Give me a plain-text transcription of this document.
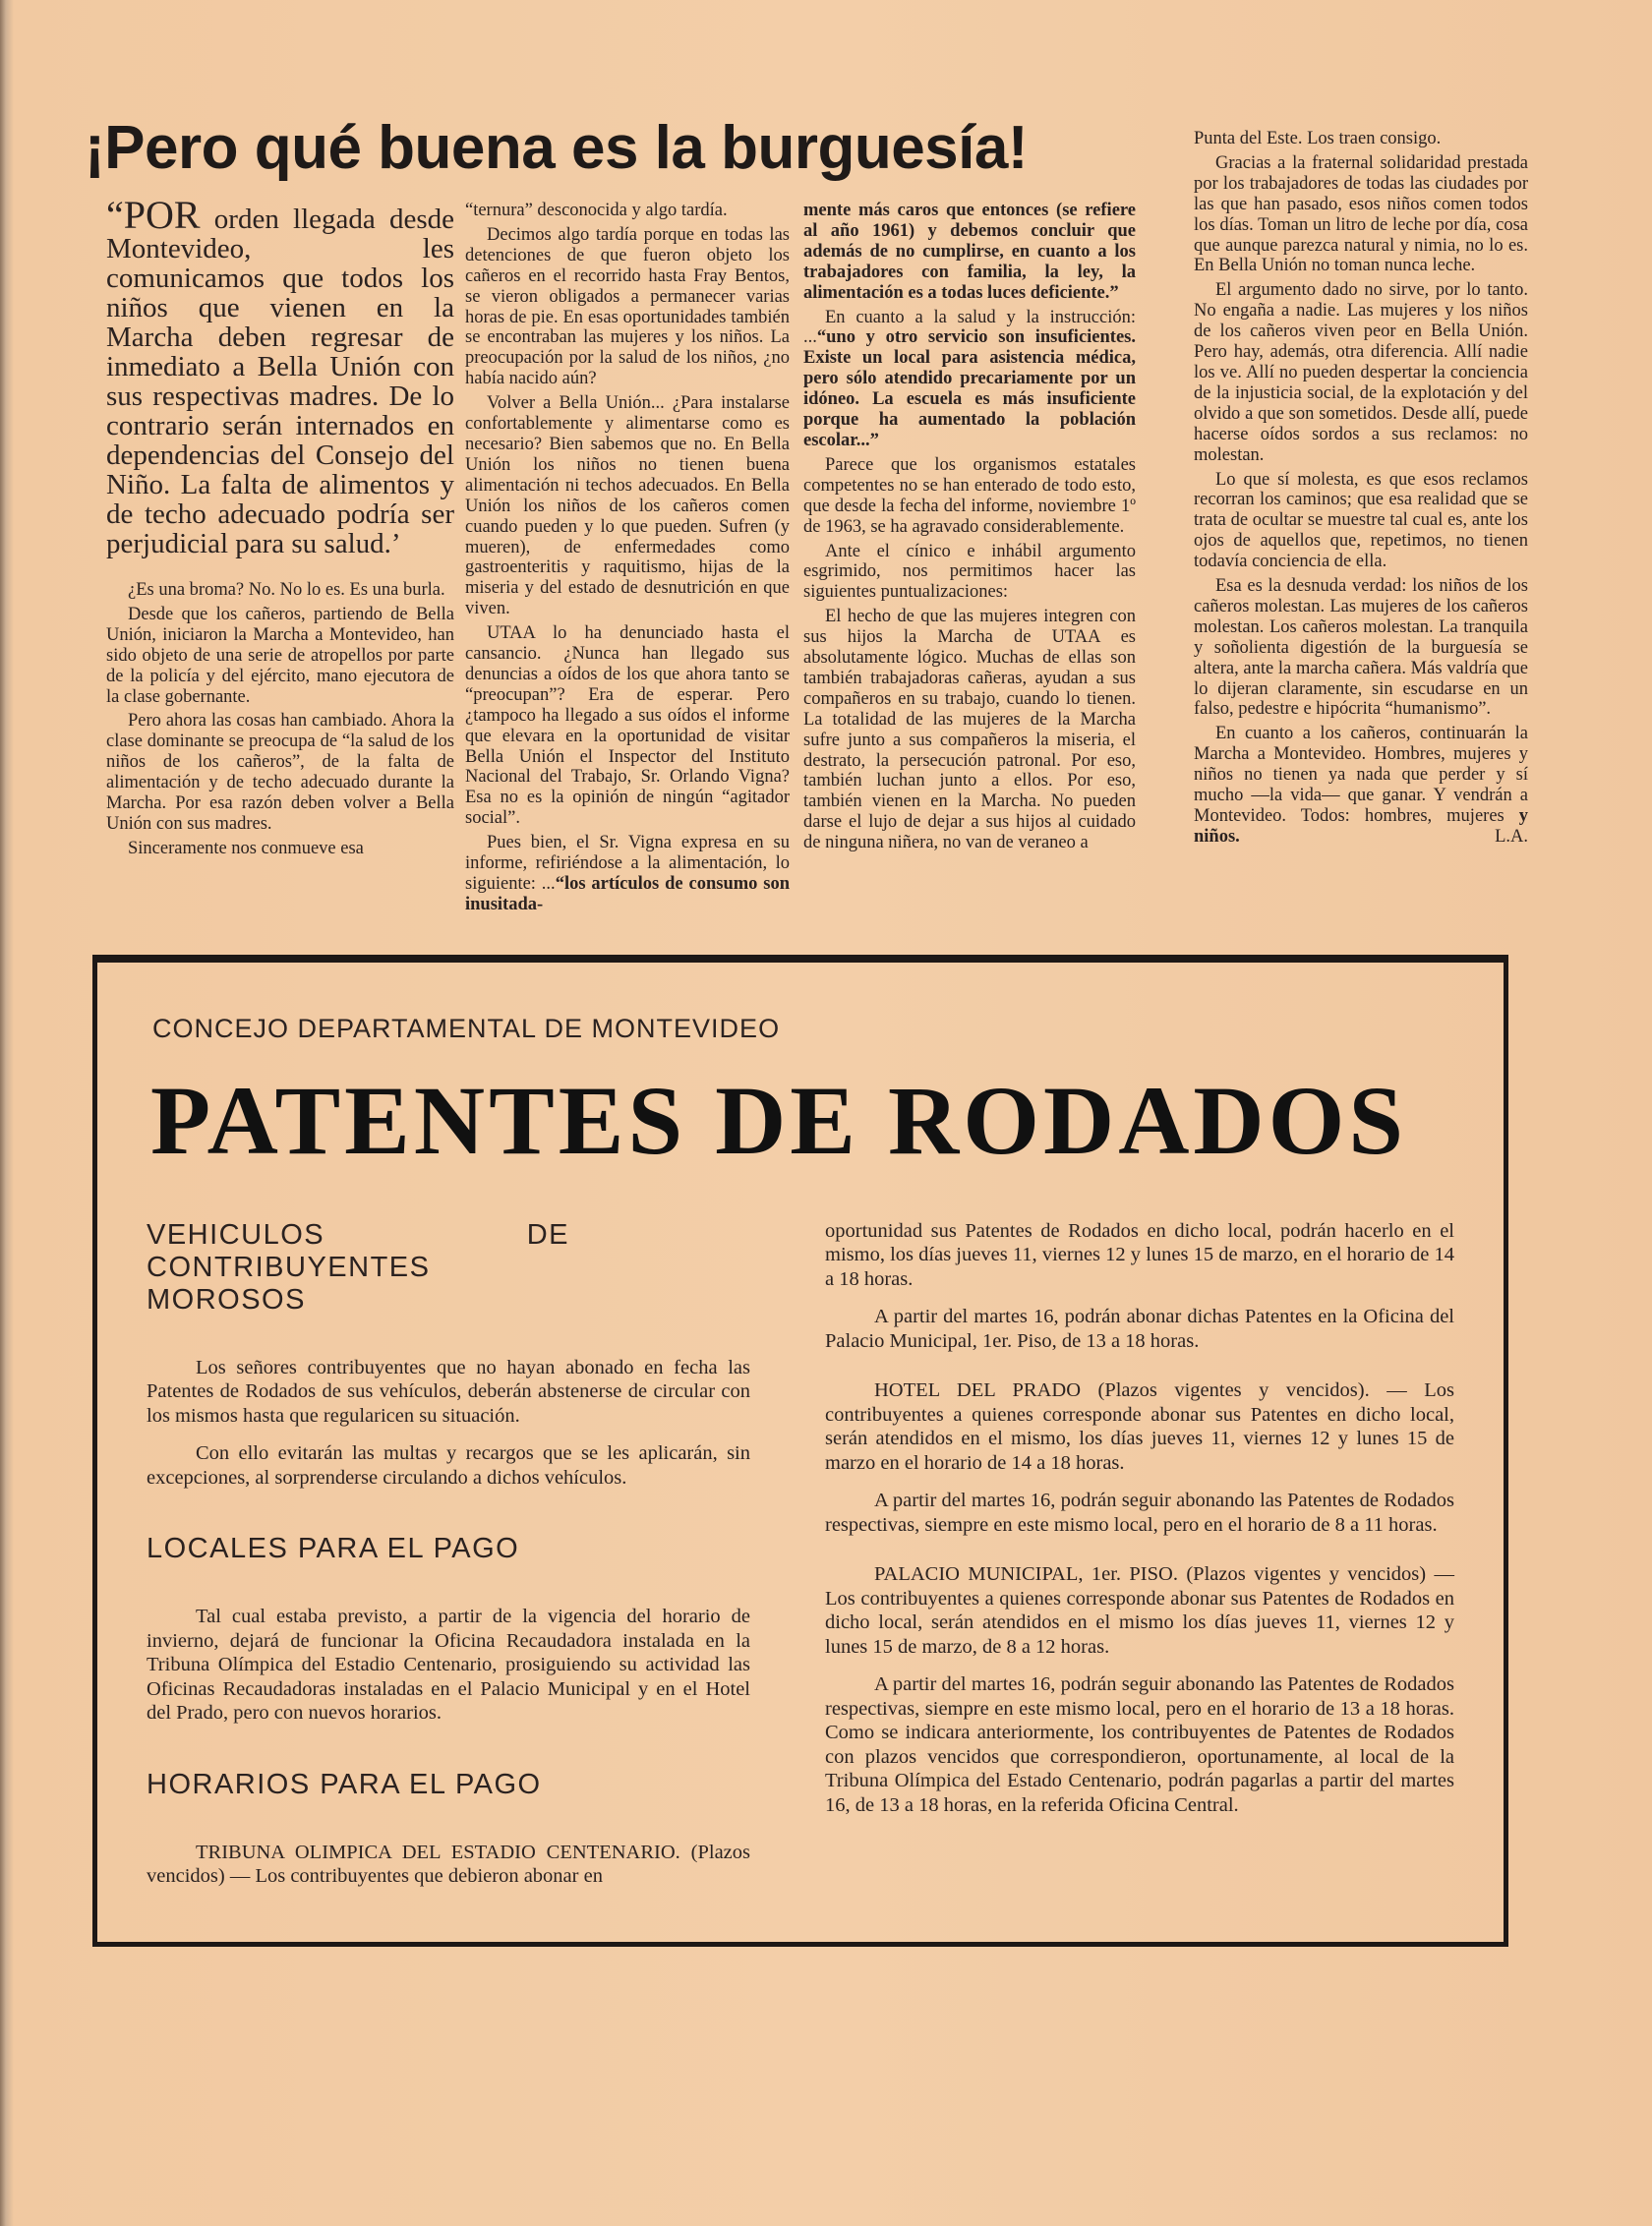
¡Pero qué buena es la burguesía!
“POR orden llegada desde Montevideo, les comunicamos que todos los niños que vienen en la Marcha deben regresar de inmediato a Bella Unión con sus respectivas madres. De lo contrario serán internados en dependencias del Consejo del Niño. La falta de alimentos y de techo adecuado podría ser perjudicial para su salud.’

¿Es una broma? No. No lo es. Es una burla.

Desde que los cañeros, partiendo de Bella Unión, iniciaron la Marcha a Montevideo, han sido objeto de una serie de atropellos por parte de la policía y del ejército, mano ejecutora de la clase gobernante.

Pero ahora las cosas han cambiado. Ahora la clase dominante se preocupa de “la salud de los niños de los cañeros”, de la falta de alimentación y de techo adecuado durante la Marcha. Por esa razón deben volver a Bella Unión con sus madres.

Sinceramente nos conmueve esa

“ternura” desconocida y algo tardía.

Decimos algo tardía porque en todas las detenciones de que fueron objeto los cañeros en el recorrido hasta Fray Bentos, se vieron obligados a permanecer varias horas de pie. En esas oportunidades también se encontraban las mujeres y los niños. La preocupación por la salud de los niños, ¿no había nacido aún?

Volver a Bella Unión... ¿Para instalarse confortablemente y alimentarse como es necesario? Bien sabemos que no. En Bella Unión los niños no tienen buena alimentación ni techos adecuados. En Bella Unión los niños de los cañeros comen cuando pueden y lo que pueden. Sufren (y mueren), de enfermedades como gastroenteritis y raquitismo, hijas de la miseria y del estado de desnutrición en que viven.

UTAA lo ha denunciado hasta el cansancio. ¿Nunca han llegado sus denuncias a oídos de los que ahora tanto se “preocupan”? Era de esperar. Pero ¿tampoco ha llegado a sus oídos el informe que elevara en la oportunidad de visitar Bella Unión el Inspector del Instituto Nacional del Trabajo, Sr. Orlando Vigna? Esa no es la opinión de ningún “agitador social”.

Pues bien, el Sr. Vigna expresa en su informe, refiriéndose a la alimentación, lo siguiente: ...“los artículos de consumo son inusitada-

mente más caros que entonces (se refiere al año 1961) y debemos concluir que además de no cumplirse, en cuanto a los trabajadores con familia, la ley, la alimentación es a todas luces deficiente.”

En cuanto a la salud y la instrucción: ...“uno y otro servicio son insuficientes. Existe un local para asistencia médica, pero sólo atendido precariamente por un idóneo. La escuela es más insuficiente porque ha aumentado la población escolar...”

Parece que los organismos estatales competentes no se han enterado de todo esto, que desde la fecha del informe, noviembre 1º de 1963, se ha agravado considerablemente.

Ante el cínico e inhábil argumento esgrimido, nos permitimos hacer las siguientes puntualizaciones:

El hecho de que las mujeres integren con sus hijos la Marcha de UTAA es absolutamente lógico. Muchas de ellas son también trabajadoras cañeras, ayudan a sus compañeros en su trabajo, cuando lo tienen. La totalidad de las mujeres de la Marcha sufre junto a sus compañeros la miseria, el destrato, la persecución patronal. Por eso, también luchan junto a ellos. Por eso, también vienen en la Marcha. No pueden darse el lujo de dejar a sus hijos al cuidado de ninguna niñera, no van de veraneo a

Punta del Este. Los traen consigo.

Gracias a la fraternal solidaridad prestada por los trabajadores de todas las ciudades por las que han pasado, esos niños comen todos los días. Toman un litro de leche por día, cosa que aunque parezca natural y nimia, no lo es. En Bella Unión no toman nunca leche.

El argumento dado no sirve, por lo tanto. No engaña a nadie. Las mujeres y los niños de los cañeros viven peor en Bella Unión. Pero hay, además, otra diferencia. Allí nadie los ve. Allí no pueden despertar la conciencia de la injusticia social, de la explotación y del olvido a que son sometidos. Desde allí, puede hacerse oídos sordos a sus reclamos: no molestan.

Lo que sí molesta, es que esos reclamos recorran los caminos; que esa realidad que se trata de ocultar se muestre tal cual es, ante los ojos de aquellos que, repetimos, no tienen todavía conciencia de ella.

Esa es la desnuda verdad: los niños de los cañeros molestan. Las mujeres de los cañeros molestan. Los cañeros molestan. La tranquila y soñolienta digestión de la burguesía se altera, ante la marcha cañera. Más valdría que lo dijeran claramente, sin escudarse en un falso, pedestre e hipócrita “humanismo”.

En cuanto a los cañeros, continuarán la Marcha a Montevideo. Hombres, mujeres y niños no tienen ya nada que perder y sí mucho —la vida— que ganar. Y vendrán a Montevideo. Todos: hombres, mujeres y niños.	L.A.

CONCEJO DEPARTAMENTAL DE MONTEVIDEO
PATENTES DE RODADOS
VEHICULOS DE CONTRIBUYENTES MOROSOS

Los señores contribuyentes que no hayan abonado en fecha las Patentes de Rodados de sus vehículos, deberán abstenerse de circular con los mismos hasta que regularicen su situación.

Con ello evitarán las multas y recargos que se les aplicarán, sin excepciones, al sorprenderse circulando a dichos vehículos.

LOCALES PARA EL PAGO

Tal cual estaba previsto, a partir de la vigencia del horario de invierno, dejará de funcionar la Oficina Recaudadora instalada en la Tribuna Olímpica del Estadio Centenario, prosiguiendo su actividad las Oficinas Recaudadoras instaladas en el Palacio Municipal y en el Hotel del Prado, pero con nuevos horarios.

HORARIOS PARA EL PAGO

TRIBUNA OLIMPICA DEL ESTADIO CENTENARIO. (Plazos vencidos) — Los contribuyentes que debieron abonar en

oportunidad sus Patentes de Rodados en dicho local, podrán hacerlo en el mismo, los días jueves 11, viernes 12 y lunes 15 de marzo, en el horario de 14 a 18 horas.

A partir del martes 16, podrán abonar dichas Patentes en la Oficina del Palacio Municipal, 1er. Piso, de 13 a 18 horas.

HOTEL DEL PRADO (Plazos vigentes y vencidos). — Los contribuyentes a quienes corresponde abonar sus Patentes en dicho local, serán atendidos en el mismo, los días jueves 11, viernes 12 y lunes 15 de marzo en el horario de 14 a 18 horas.

A partir del martes 16, podrán seguir abonando las Patentes de Rodados respectivas, siempre en este mismo local, pero en el horario de 8 a 11 horas.

PALACIO MUNICIPAL, 1er. PISO. (Plazos vigentes y vencidos) — Los contribuyentes a quienes corresponde abonar sus Patentes de Rodados en dicho local, serán atendidos en el mismo los días jueves 11, viernes 12 y lunes 15 de marzo, de 8 a 12 horas.

A partir del martes 16, podrán seguir abonando las Patentes de Rodados respectivas, siempre en este mismo local, pero en el horario de 13 a 18 horas. Como se indicara anteriormente, los contribuyentes de Patentes de Rodados con plazos vencidos que correspondieron, oportunamente, al local de la Tribuna Olímpica del Estado Centenario, podrán pagarlas a partir del martes 16, de 13 a 18 horas, en la referida Oficina Central.
